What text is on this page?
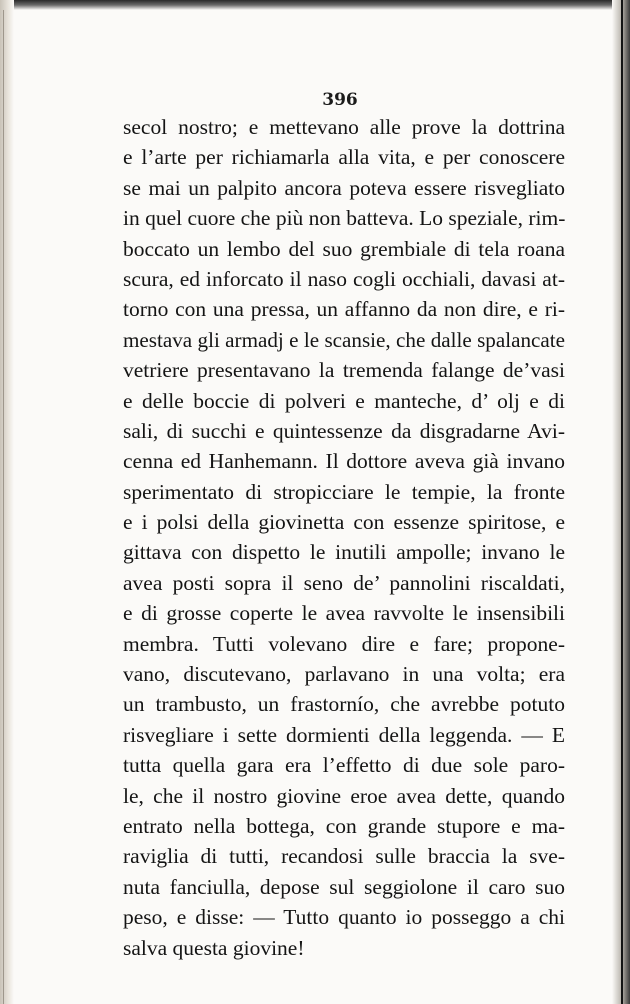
396
secol nostro; e mettevano alle prove la dottrina
e l’arte per richiamarla alla vita, e per conoscere
se mai un palpito ancora poteva essere risvegliato
in quel cuore che più non batteva. Lo speziale, rim-
boccato un lembo del suo grembiale di tela roana
scura, ed inforcato il naso cogli occhiali, davasi at-
torno con una pressa, un affanno da non dire, e ri-
mestava gli armadj e le scansie, che dalle spalancate
vetriere presentavano la tremenda falange de’vasi
e delle boccie di polveri e manteche, d’ olj e di
sali, di succhi e quintessenze da disgradarne Avi-
cenna ed Hanhemann. Il dottore aveva già invano
sperimentato di stropicciare le tempie, la fronte
e i polsi della giovinetta con essenze spiritose, e
gittava con dispetto le inutili ampolle; invano le
avea posti sopra il seno de’ pannolini riscaldati,
e di grosse coperte le avea ravvolte le insensibili
membra. Tutti volevano dire e fare; propone-
vano, discutevano, parlavano in una volta; era
un trambusto, un frastornío, che avrebbe potuto
risvegliare i sette dormienti della leggenda. — E
tutta quella gara era l’effetto di due sole paro-
le, che il nostro giovine eroe avea dette, quando
entrato nella bottega, con grande stupore e ma-
raviglia di tutti, recandosi sulle braccia la sve-
nuta fanciulla, depose sul seggiolone il caro suo
peso, e disse: — Tutto quanto io posseggo a chi
salva questa giovine!
